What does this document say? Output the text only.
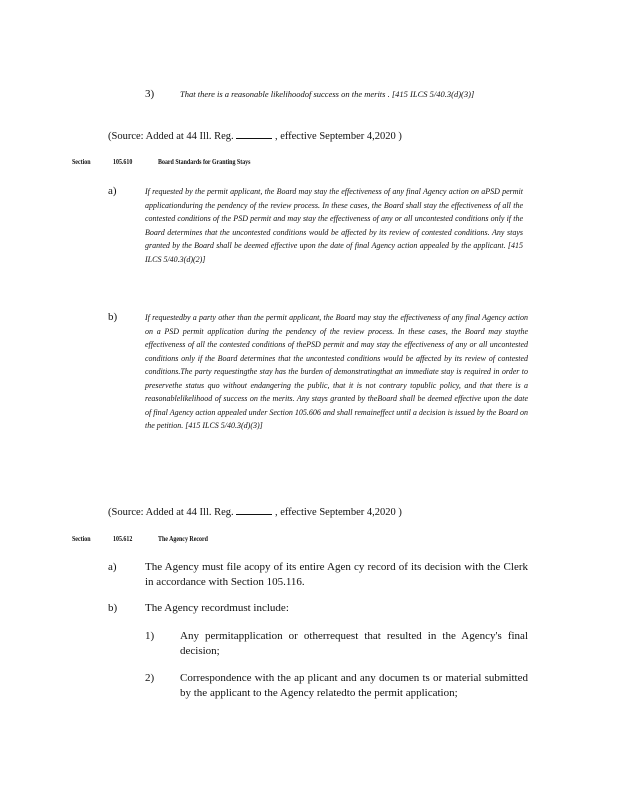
3)	That there is a reasonable likelihoodof success on the merits . [415 ILCS 5/40.3(d)(3)]

(Source: Added at 44 Ill. Reg.	, effective September 4,2020 )
Section	105.610	Board Standards for Granting Stays
a)	If requested by the permit applicant, the Board may stay the effectiveness of any final Agency action on aPSD permit applicationduring the pendency of the review process. In these cases, the Board shall stay the effectiveness of all the contested conditions of the PSD permit and may stay the effectiveness of any or all uncontested conditions only if the Board determines that the uncontested conditions would be affected by its review of contested conditions. Any stays granted by the Board shall be deemed effective upon the date of final Agency action appealed by the applicant. [415 ILCS 5/40.3(d)(2)]

b)	If requestedby a party other than the permit applicant, the Board may stay the effectiveness of any final Agency action on a PSD permit application during the pendency of the review process. In these cases, the Board may staythe effectiveness of all the contested conditions of thePSD permit and may stay the effectiveness of any or all uncontested conditions only if the Board determines that the uncontested conditions would be affected by its review of contested conditions.The party requestingthe stay has the burden of demonstratingthat an immediate stay is required in order to preservethe status quo without endangering the public, that it is not contrary topublic policy, and that there is a reasonablelikelihood of success on the merits. Any stays granted by theBoard shall be deemed effective upon the date of final Agency action appealed under Section 105.606 and shall remaineffect until a decision is issued by the Board on the petition. [415 ILCS 5/40.3(d)(3)]

(Source: Added at 44 Ill. Reg.	, effective September 4,2020 )
Section	105.612	The Agency Record
a)	The Agency must file acopy of its entire Agen cy record of its decision with the Clerk in accordance with Section 105.116.

b)	The Agency recordmust include:

1) Any permitapplication or otherrequest that resulted in the Agency's final decision;

2) Correspondence with the ap plicant and any documen ts or material submitted by the applicant to the Agency relatedto the permit application;
